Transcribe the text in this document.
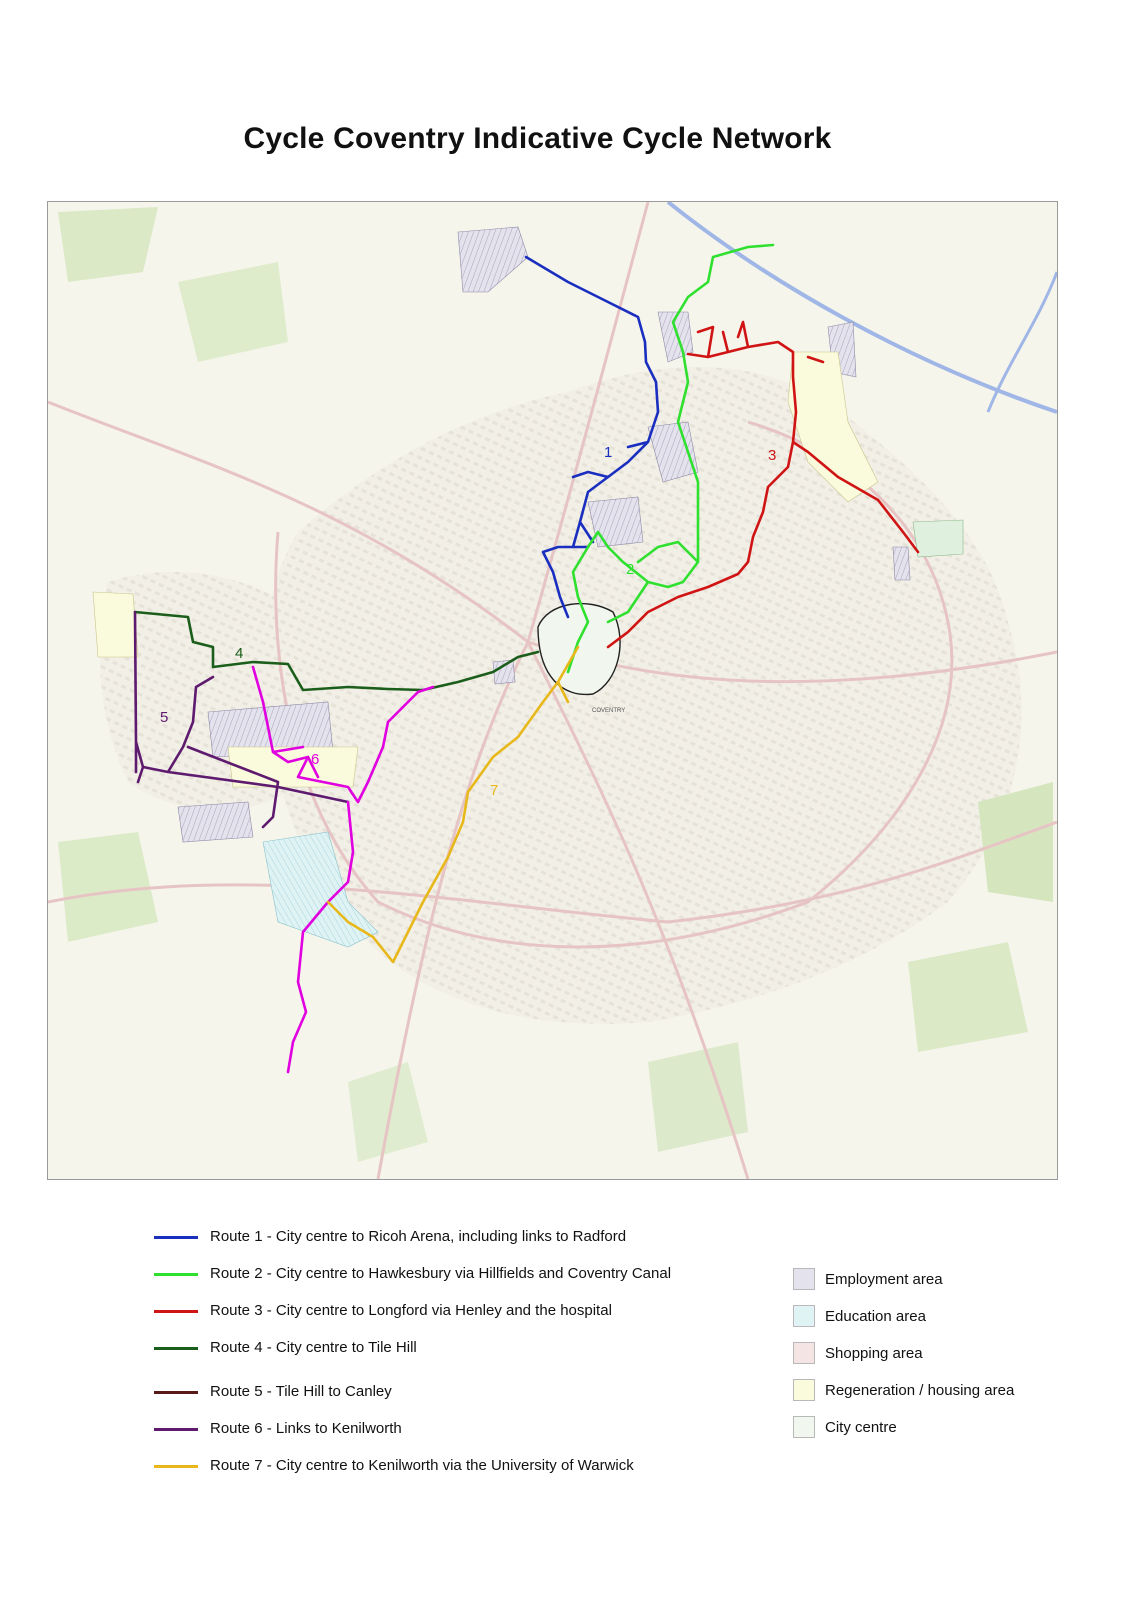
Cycle Coventry Indicative Cycle Network
1
2
3
4
5
6
7
COVENTRY
Route 1 - City centre to Ricoh Arena, including links to Radford
Route 2 - City centre to Hawkesbury via Hillfields and Coventry Canal
Route 3 - City centre to Longford via Henley and the hospital
Route 4 - City centre to Tile Hill
Route 5 - Tile Hill to Canley
Route 6 - Links to Kenilworth
Route 7 - City centre to Kenilworth via the University of Warwick
Employment area
Education area
Shopping area
Regeneration / housing area
City centre
